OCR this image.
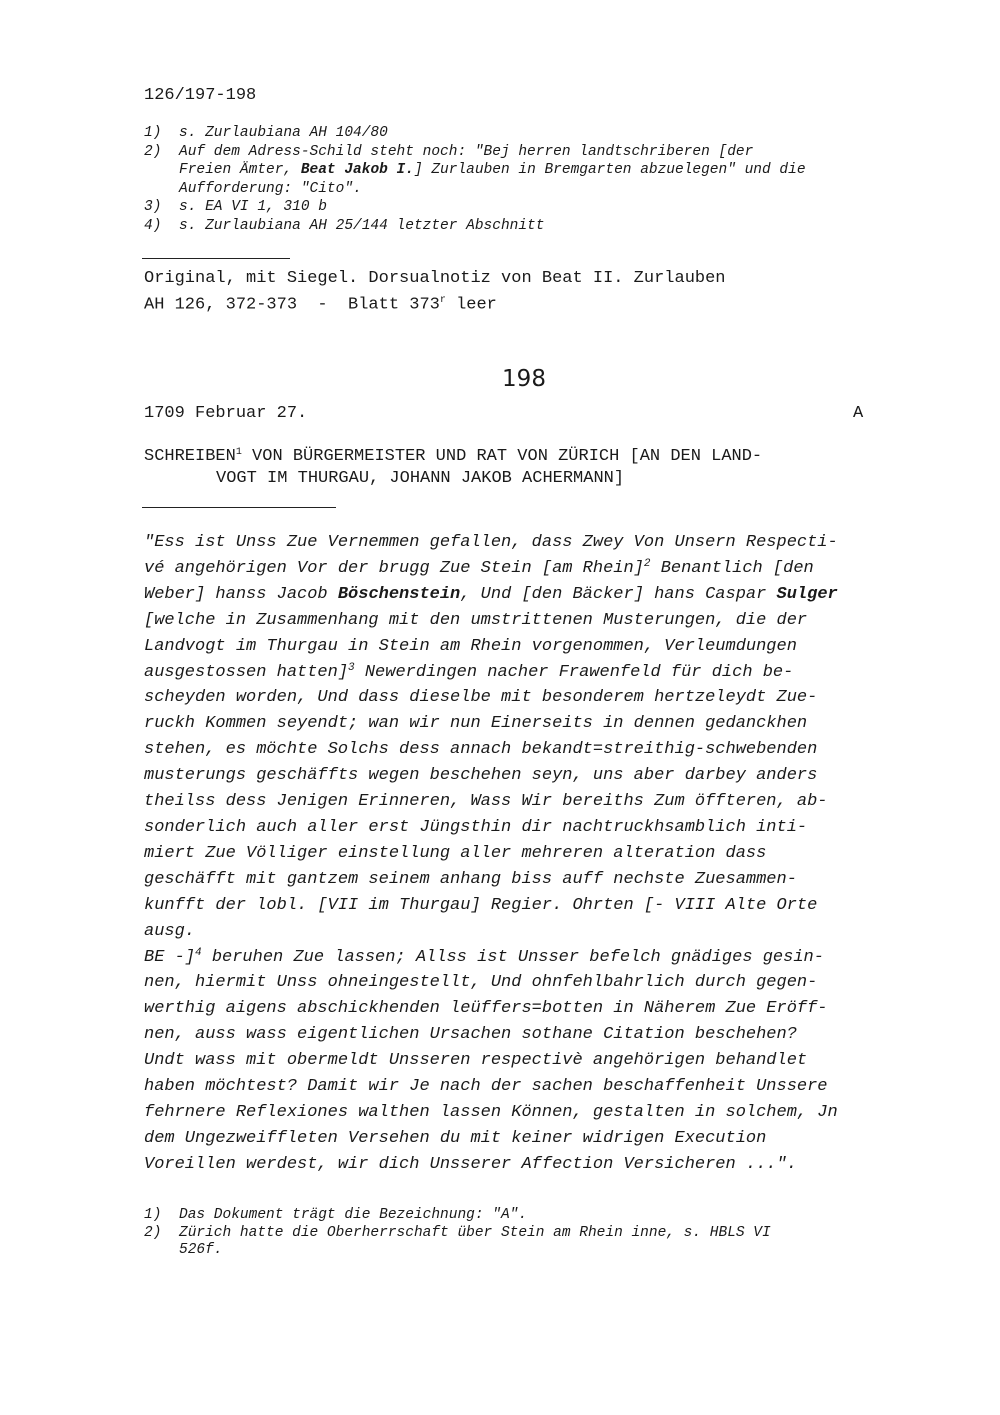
126/197-198
1)	s. Zurlaubiana AH 104/80
2)	Auf dem Adress-Schild steht noch: "Bej herren landtschriberen [der
Freien Ämter, Beat Jakob I.] Zurlauben in Bremgarten abzuelegen" und die
Aufforderung: "Cito".
3)	s. EA VI 1, 310 b
4)	s. Zurlaubiana AH 25/144 letzter Abschnitt
Original, mit Siegel. Dorsualnotiz von Beat II. Zurlauben
AH 126, 372-373  -  Blatt 373$^r$ leer
198
1709 Februar 27.	A
SCHREIBEN$^1$ VON BÜRGERMEISTER UND RAT VON ZÜRICH [AN DEN LAND-
VOGT IM THURGAU, JOHANN JAKOB ACHERMANN]
"Ess ist Unss Zue Vernemmen gefallen, dass Zwey Von Unsern Respecti-
vé angehörigen Vor der brugg Zue Stein [am Rhein]$^2$ Benantlich [den
Weber] hanss Jacob Böschenstein, Und [den Bäcker] hans Caspar Sulger
[welche in Zusammenhang mit den umstrittenen Musterungen, die der
Landvogt im Thurgau in Stein am Rhein vorgenommen, Verleumdungen
ausgestossen hatten]$^3$ Newerdingen nacher Frawenfeld für dich be-
scheyden worden, Und dass dieselbe mit besonderem hertzeleydt Zue-
ruckh Kommen seyendt; wan wir nun Einerseits in dennen gedanckhen
stehen, es möchte Solchs dess annach bekandt=streithig-schwebenden
musterungs geschäffts wegen beschehen seyn, uns aber darbey anders
theilss dess Jenigen Erinneren, Wass Wir bereiths Zum öffteren, ab-
sonderlich auch aller erst Jüngsthin dir nachtruckhsamblich inti-
miert Zue Völliger einstellung aller mehreren alteration dass
geschäfft mit gantzem seinem anhang biss auff nechste Zuesammen-
kunfft der lobl. [VII im Thurgau] Regier. Ohrten [- VIII Alte Orte
ausg.
BE -]$^4$ beruhen Zue lassen; Allss ist Unsser befelch gnädiges gesin-
nen, hiermit Unss ohneingestellt, Und ohnfehlbahrlich durch gegen-
werthig aigens abschickhenden leüffers=botten in Näherem Zue Eröff-
nen, auss wass eigentlichen Ursachen sothane Citation beschehen?
Undt wass mit obermeldt Unsseren respectivè angehörigen behandlet
haben möchtest? Damit wir Je nach der sachen beschaffenheit Unssere
fehrnere Reflexiones walthen lassen Können, gestalten in solchem, Jn
dem Ungezweiffleten Versehen du mit keiner widrigen Execution
Voreillen werdest, wir dich Unsserer Affection Versicheren ...".
1)	Das Dokument trägt die Bezeichnung: "A".
2)	Zürich hatte die Oberherrschaft über Stein am Rhein inne, s. HBLS VI
526f.
